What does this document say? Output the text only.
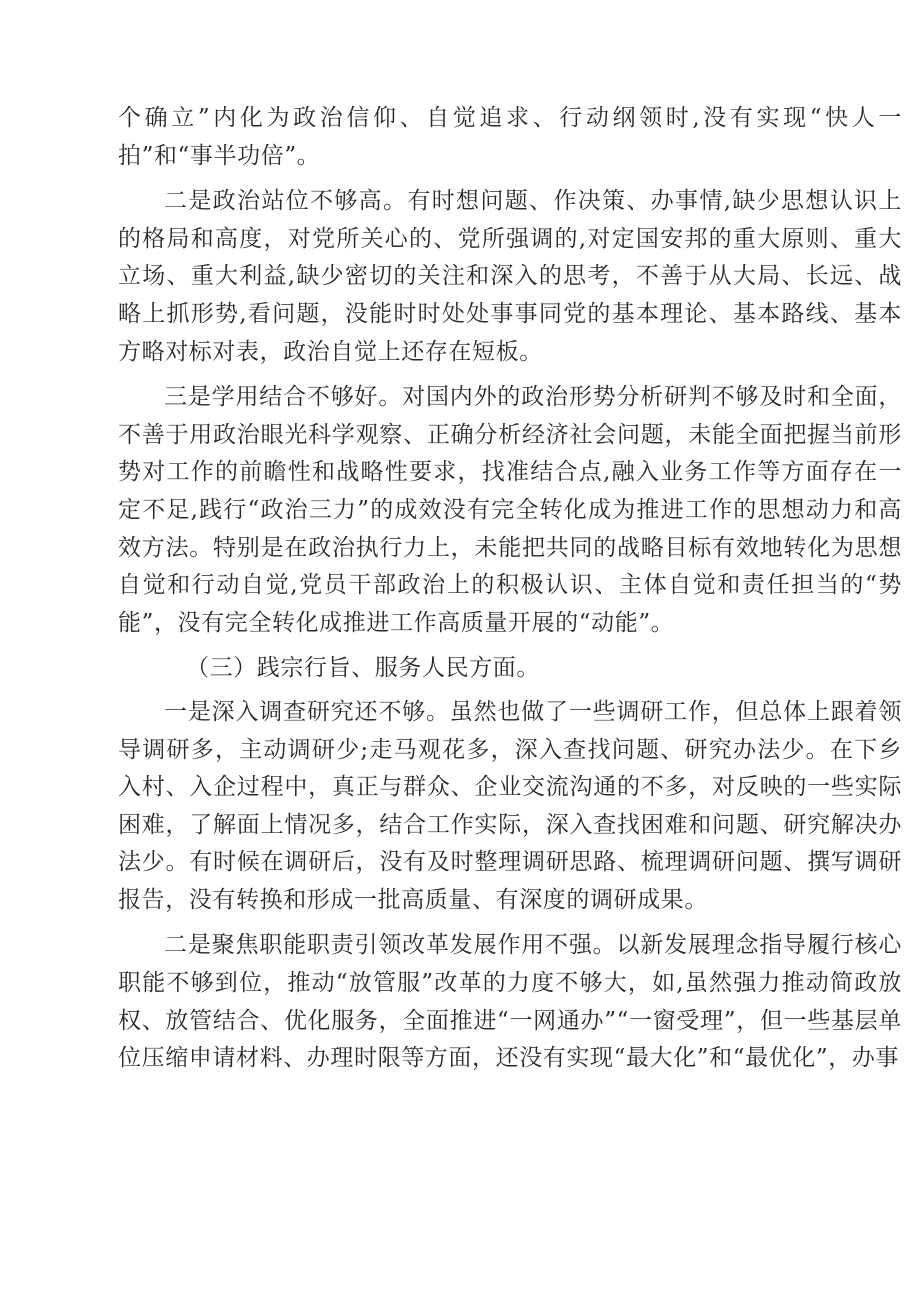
个确立”内化为政治信仰、自觉追求、行动纲领时,没有实现“快人一拍”和“事半功倍”。

二是政治站位不够高。有时想问题、作决策、办事情,缺少思想认识上的格局和高度，对党所关心的、党所强调的,对定国安邦的重大原则、重大立场、重大利益,缺少密切的关注和深入的思考，不善于从大局、长远、战略上抓形势,看问题，没能时时处处事事同党的基本理论、基本路线、基本方略对标对表，政治自觉上还存在短板。

三是学用结合不够好。对国内外的政治形势分析研判不够及时和全面，不善于用政治眼光科学观察、正确分析经济社会问题，未能全面把握当前形势对工作的前瞻性和战略性要求，找准结合点,融入业务工作等方面存在一定不足,践行“政治三力”的成效没有完全转化成为推进工作的思想动力和高效方法。特别是在政治执行力上，未能把共同的战略目标有效地转化为思想自觉和行动自觉,党员干部政治上的积极认识、主体自觉和责任担当的“势能”，没有完全转化成推进工作高质量开展的“动能”。

（三）践宗行旨、服务人民方面。

一是深入调查研究还不够。虽然也做了一些调研工作，但总体上跟着领导调研多，主动调研少;走马观花多，深入查找问题、研究办法少。在下乡入村、入企过程中，真正与群众、企业交流沟通的不多，对反映的一些实际困难，了解面上情况多，结合工作实际，深入查找困难和问题、研究解决办法少。有时候在调研后，没有及时整理调研思路、梳理调研问题、撰写调研报告，没有转换和形成一批高质量、有深度的调研成果。

二是聚焦职能职责引领改革发展作用不强。以新发展理念指导履行核心职能不够到位，推动“放管服”改革的力度不够大，如,虽然强力推动简政放权、放管结合、优化服务，全面推进“一网通办”“一窗受理”，但一些基层单位压缩申请材料、办理时限等方面，还没有实现“最大化”和“最优化”，办事
